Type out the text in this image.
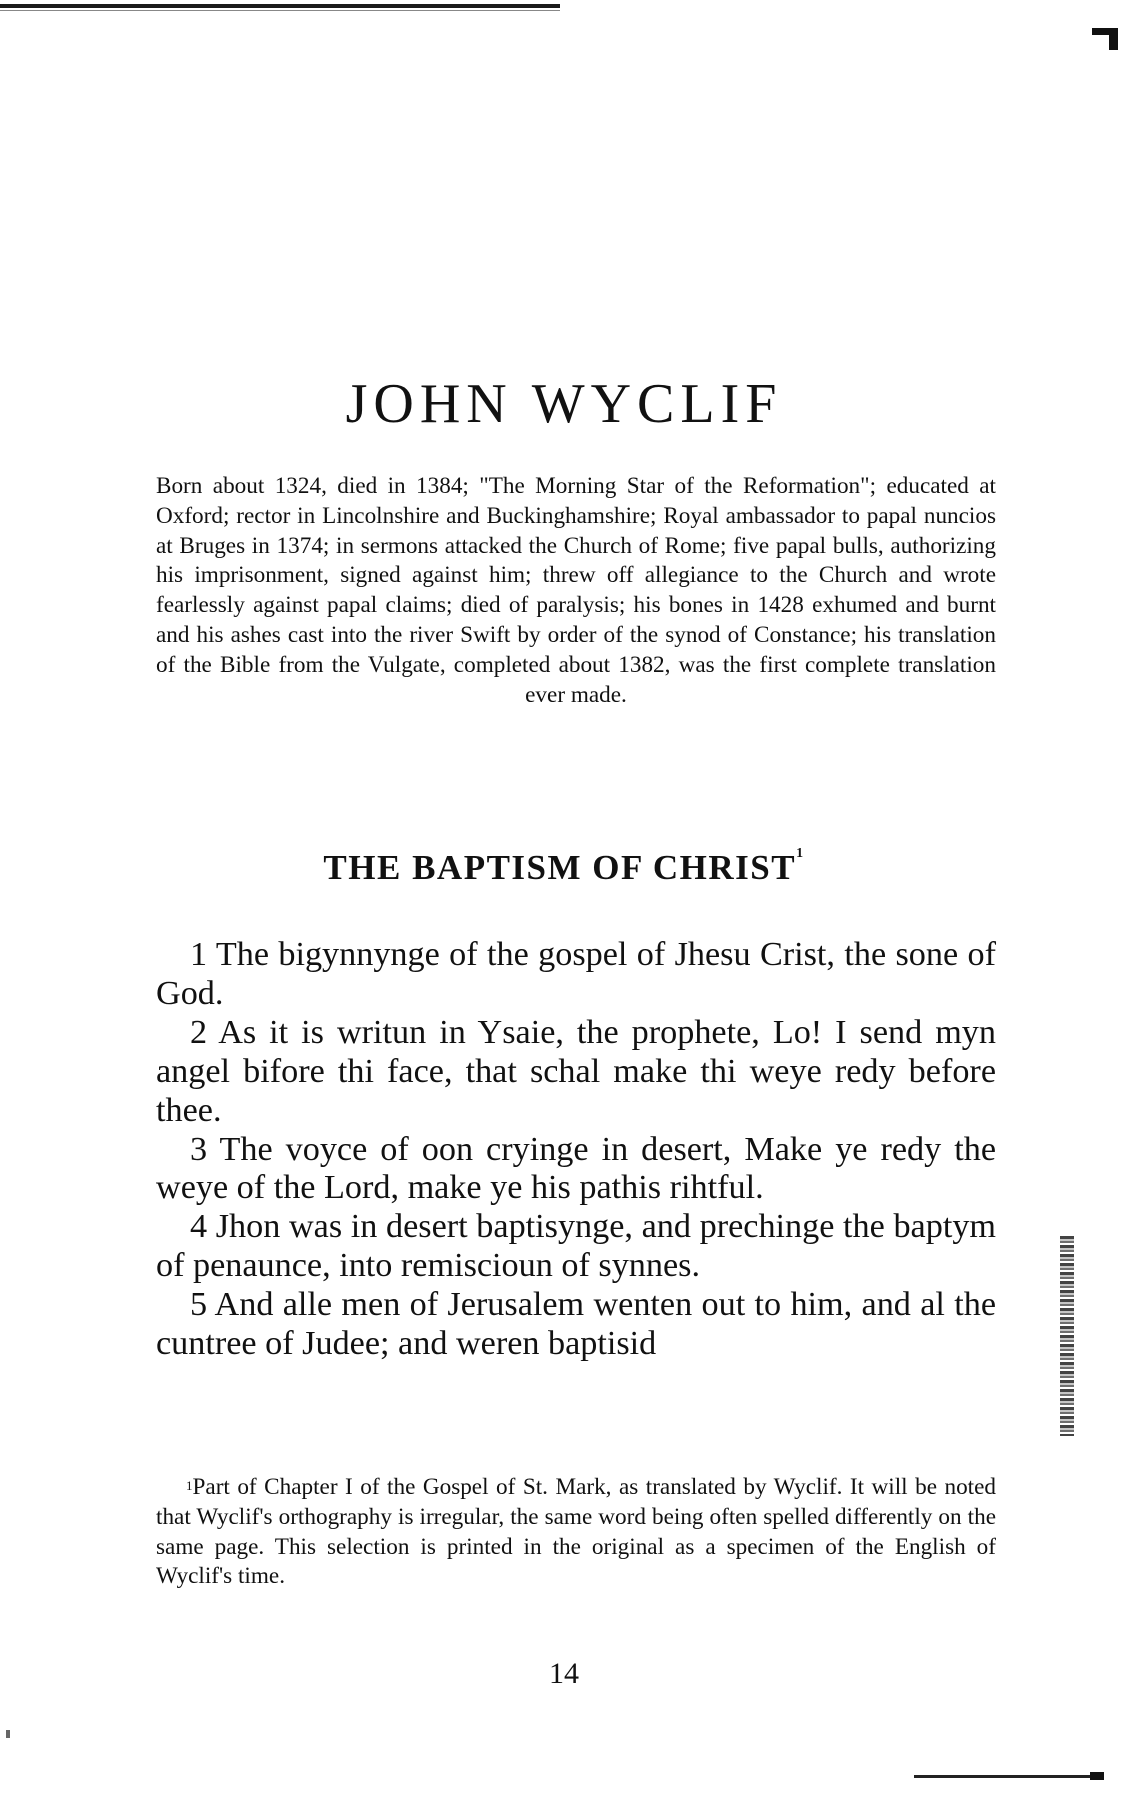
JOHN WYCLIF

Born about 1324, died in 1384; "The Morning Star of the Reformation"; educated at Oxford; rector in Lincolnshire and Buckinghamshire; Royal ambassador to papal nuncios at Bruges in 1374; in sermons attacked the Church of Rome; five papal bulls, authorizing his imprisonment, signed against him; threw off allegiance to the Church and wrote fearlessly against papal claims; died of paralysis; his bones in 1428 exhumed and burnt and his ashes cast into the river Swift by order of the synod of Constance; his translation of the Bible from the Vulgate, completed about 1382, was the first complete translation ever made.

THE BAPTISM OF CHRIST$^1$

1 The bigynnynge of the gospel of Jhesu Crist, the sone of God.

2 As it is writun in Ysaie, the prophete, Lo! I send myn angel bifore thi face, that schal make thi weye redy before thee.

3 The voyce of oon cryinge in desert, Make ye redy the weye of the Lord, make ye his pathis rihtful.

4 Jhon was in desert baptisynge, and prechinge the baptym of penaunce, into remiscioun of synnes.

5 And alle men of Jerusalem wenten out to him, and al the cuntree of Judee; and weren baptisid

$^1$Part of Chapter I of the Gospel of St. Mark, as translated by Wyclif. It will be noted that Wyclif's orthography is irregular, the same word being often spelled differently on the same page. This selection is printed in the original as a specimen of the English of Wyclif's time.

14
